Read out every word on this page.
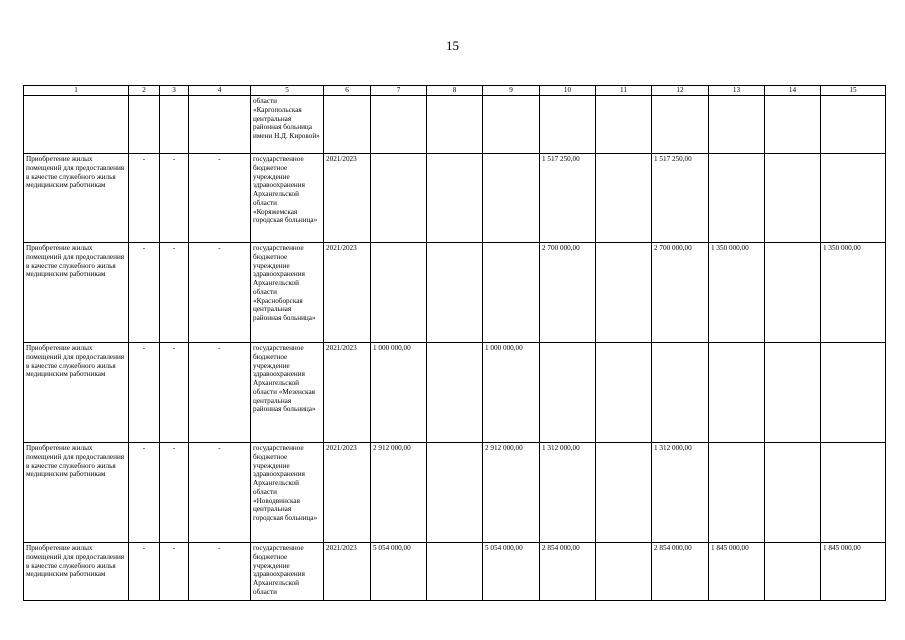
15
1	2	3	4	5	6	7	8	9	10	11	12	13	14	15
				области «Каргопольская центральная районная больница имени Н.Д. Кировой»										
Приобретение жилых помещений для предоставления в качестве служебного жилья медицинским работникам	-	-	-	государственное бюджетное учреждение здравоохранения Архангельской области «Коряжемская городская больница»	2021/2023				1 517 250,00		1 517 250,00			
Приобретение жилых помещений для предоставления в качестве служебного жилья медицинским работникам	-	-	-	государственное бюджетное учреждение здравоохранения Архангельской области «Красноборская центральная районная больница»	2021/2023				2 700 000,00		2 700 000,00	1 350 000,00		1 350 000,00
Приобретение жилых помещений для предоставления в качестве служебного жилья медицинским работникам	-	-	-	государственное бюджетное учреждение здравоохранения Архангельской области «Мезенская центральная районная больница»	2021/2023	1 000 000,00		1 000 000,00						
Приобретение жилых помещений для предоставления в качестве служебного жилья медицинским работникам	-	-	-	государственное бюджетное учреждение здравоохранения Архангельской области «Новодвинская центральная городская больница»	2021/2023	2 912 000,00		2 912 000,00	1 312 000,00		1 312 000,00			
Приобретение жилых помещений для предоставления в качестве служебного жилья медицинским работникам	-	-	-	государственное бюджетное учреждение здравоохранения Архангельской области	2021/2023	5 054 000,00		5 054 000,00	2 854 000,00		2 854 000,00	1 845 000,00		1 845 000,00
